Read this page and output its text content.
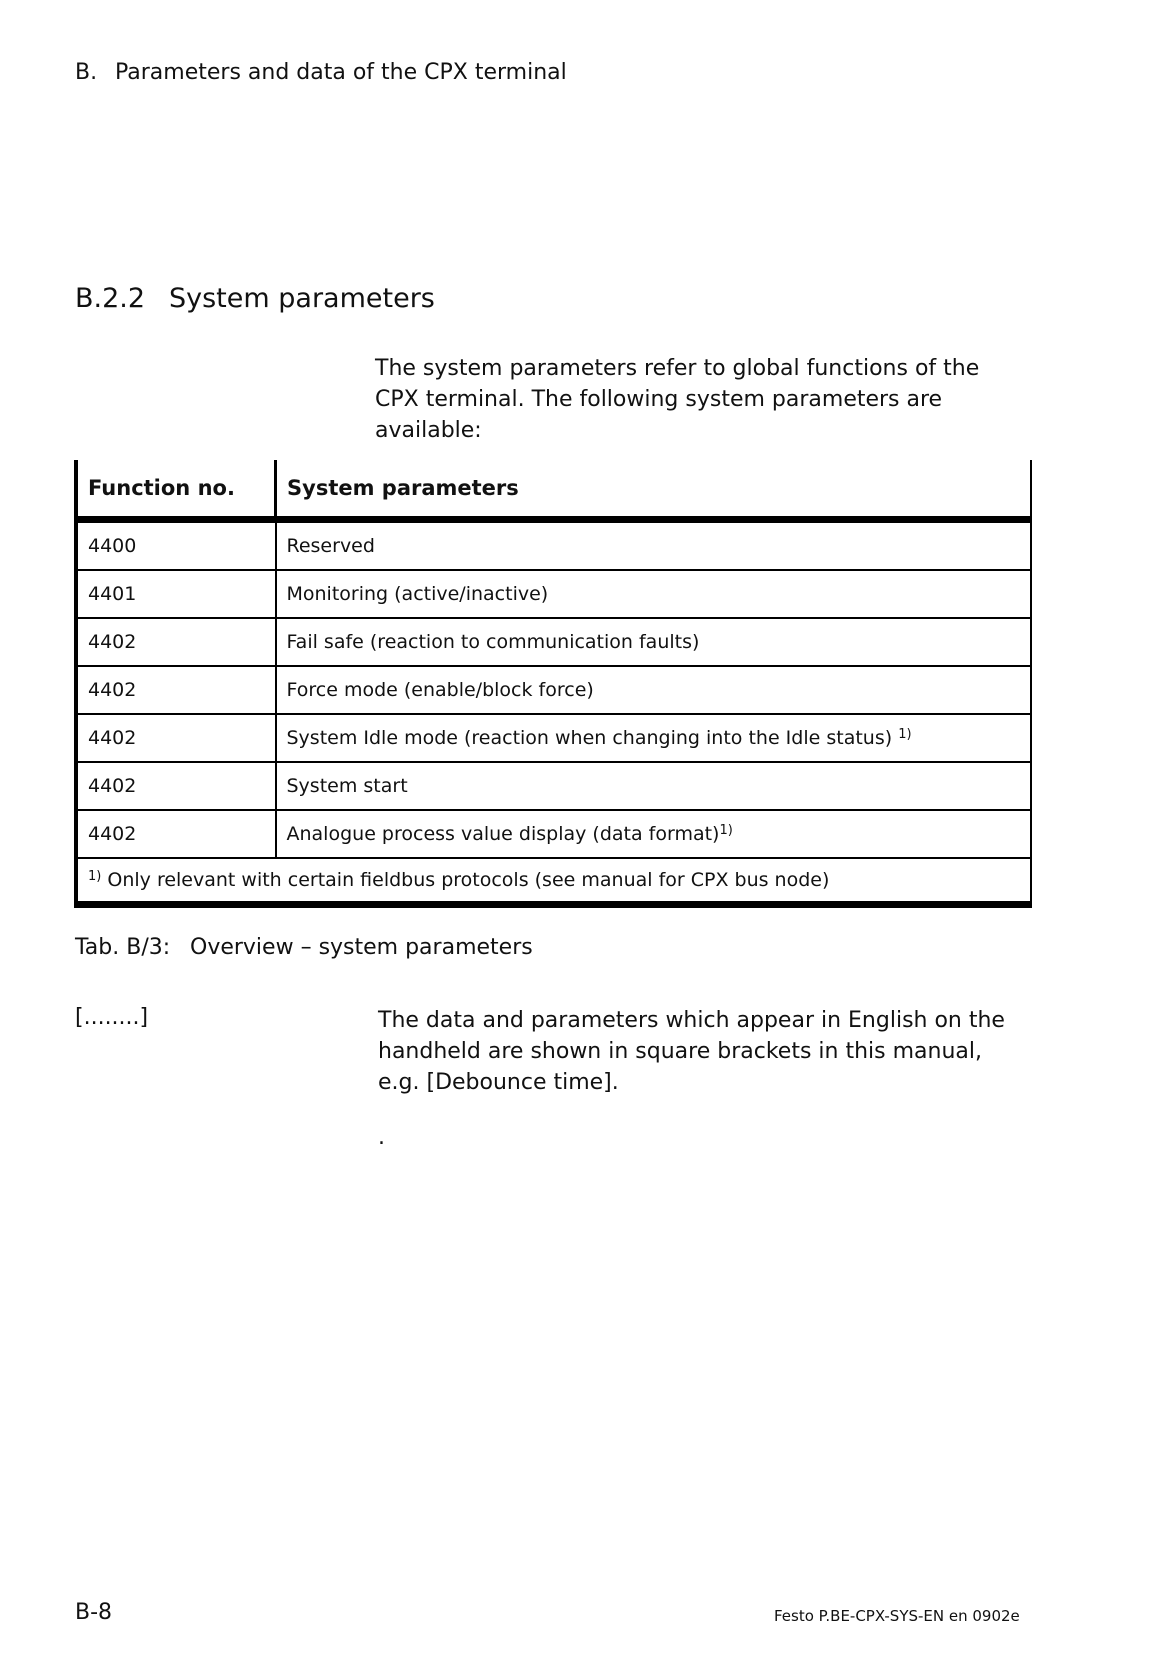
B. Parameters and data of the CPX terminal
B.2.2 System parameters
The system parameters refer to global functions of the CPX terminal. The following system parameters are available:
Function no.	System parameters
4400	Reserved
4401	Monitoring (active/inactive)
4402	Fail safe (reaction to communication faults)
4402	Force mode (enable/block force)
4402	System Idle mode (reaction when changing into the Idle status) $^{1)}$
4402	System start
4402	Analogue process value display (data format)$^{1)}$
$^{1)}$ Only relevant with certain fieldbus protocols (see manual for CPX bus node)	
Tab. B/3: Overview – system parameters
[........]	The data and parameters which appear in English on the handheld are shown in square brackets in this manual, e.g. [Debounce time].
.
B-8	Festo P.BE-CPX-SYS-EN en 0902e
